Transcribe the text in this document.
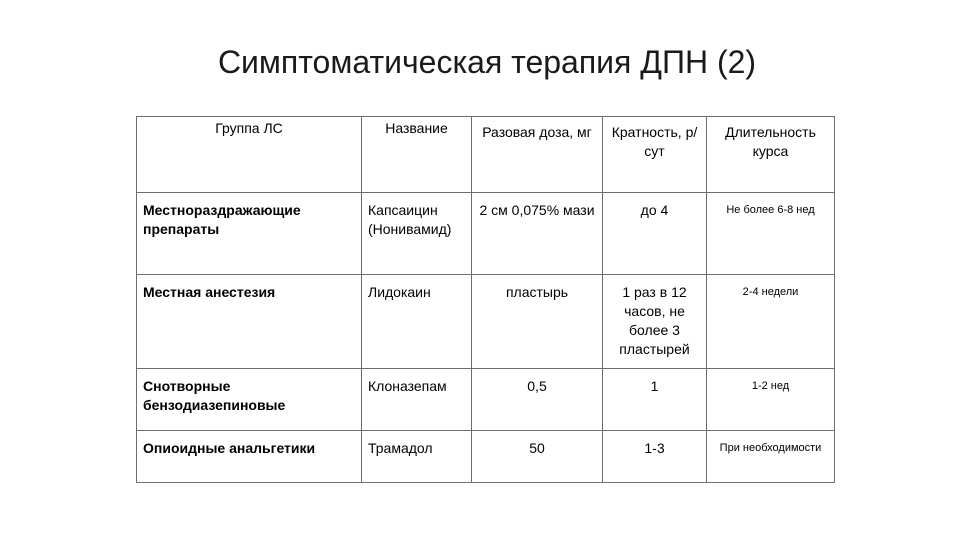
Симптоматическая терапия ДПН (2)
Группа ЛС	Название	Разовая доза, мг	Кратность, р/сут	Длительность курса
Местнораздражающие препараты	Капсаицин (Нонивамид)	2 см 0,075% мази	до 4	Не более 6-8 нед
Местная анестезия	Лидокаин	пластырь	1 раз в 12 часов, не более 3 пластырей	2-4 недели
Снотворные бензодиазепиновые	Клоназепам	0,5	1	1-2 нед
Опиоидные анальгетики	Трамадол	50	1-3	При необходимости
